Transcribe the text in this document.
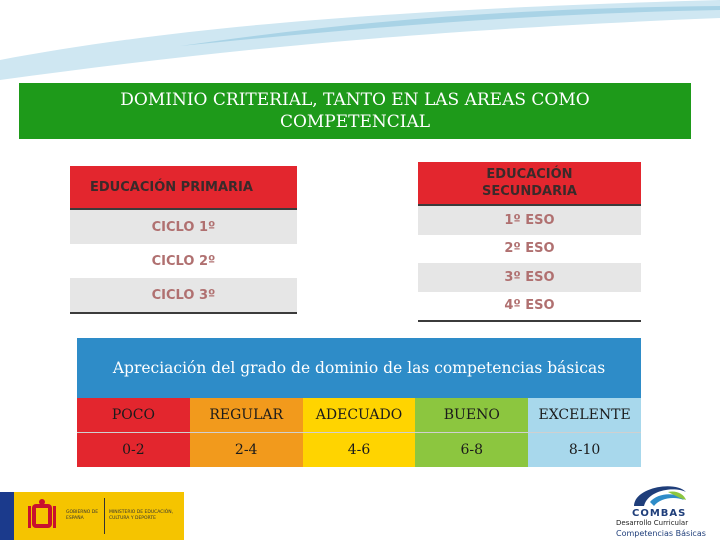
DOMINIO CRITERIAL, TANTO EN LAS AREAS COMO COMPETENCIAL
EDUCACIÓN PRIMARIA
CICLO 1º
CICLO 2º
CICLO 3º
EDUCACIÓN SECUNDARIA
1º ESO
2º ESO
3º ESO
4º ESO
Apreciación del grado de dominio de las competencias básicas
POCO
0-2
REGULAR
2-4
ADECUADO
4-6
BUENO
6-8
EXCELENTE
8-10
GOBIERNO DE ESPAÑA
MINISTERIO DE EDUCACIÓN, CULTURA Y DEPORTE	COMBAS
Desarrollo Curricular
Competencias Básicas
